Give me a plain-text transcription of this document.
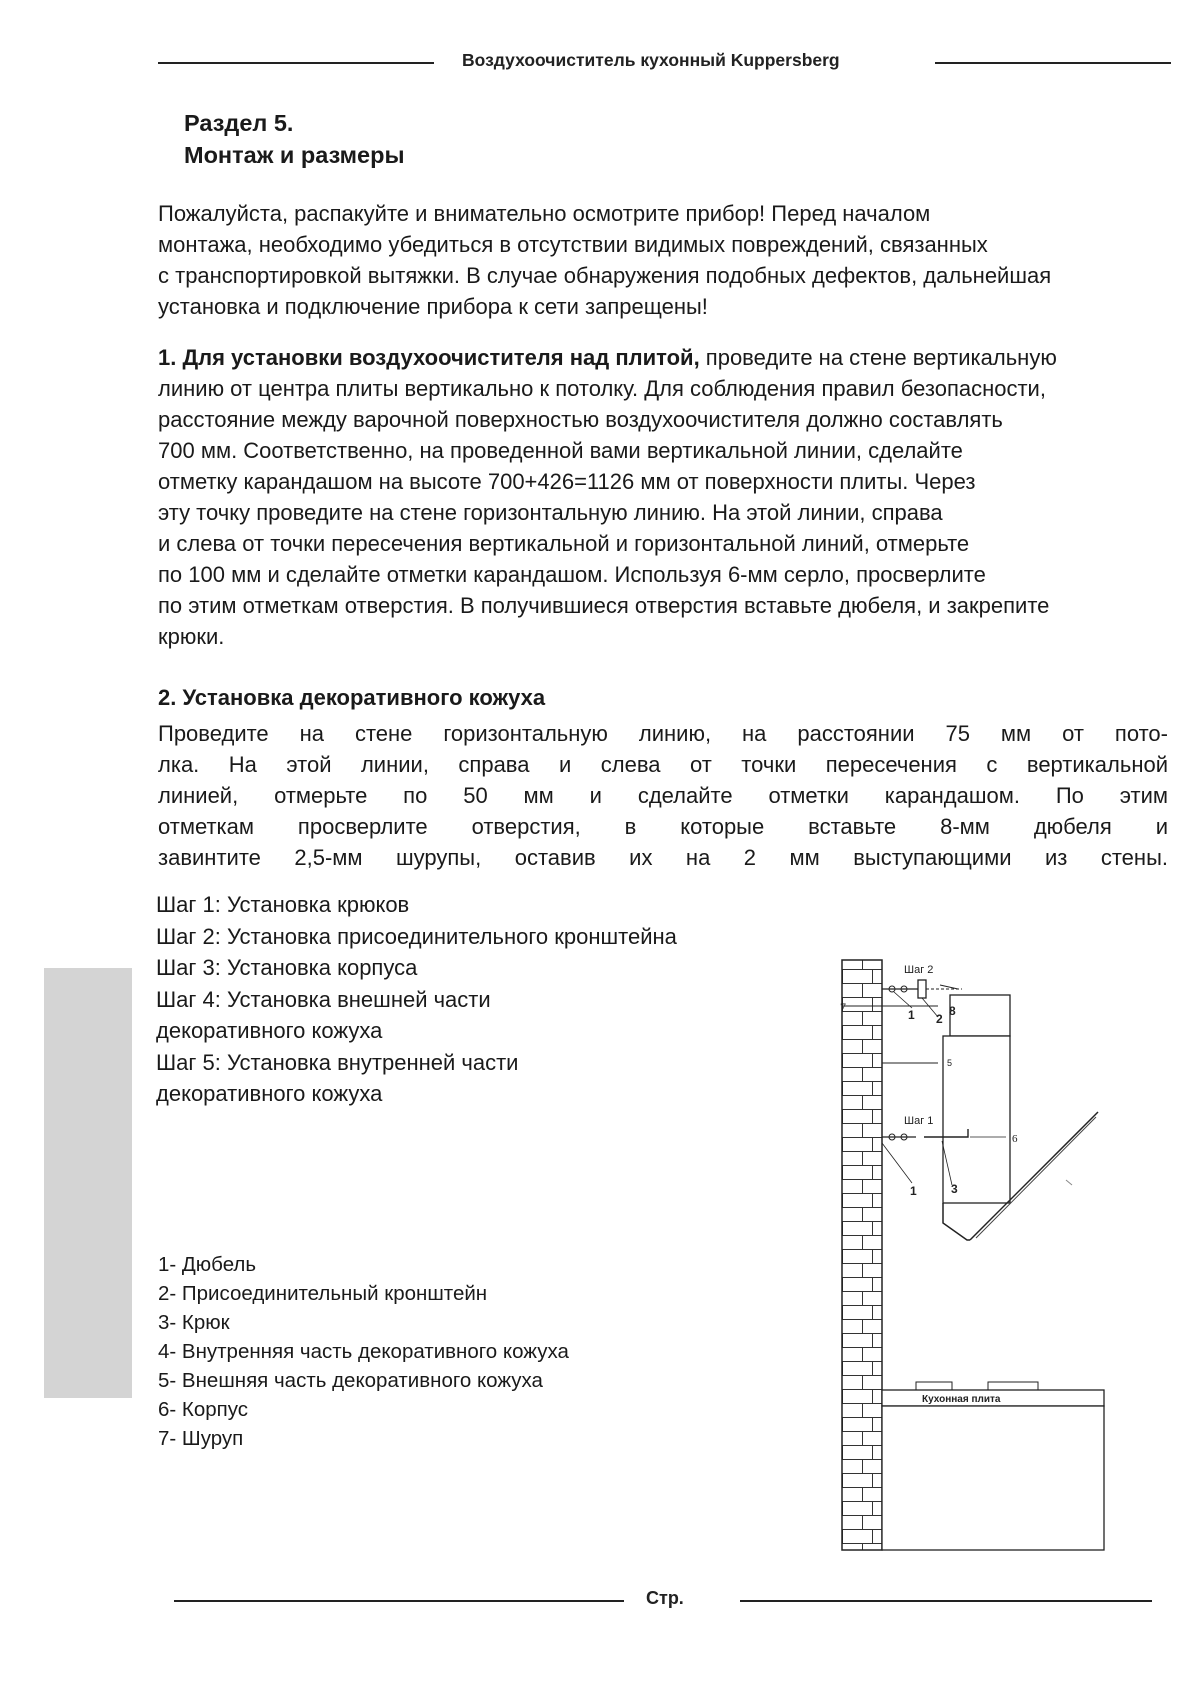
Воздухоочиститель кухонный Kuppersberg
Раздел 5.
Монтаж и размеры

Пожалуйста, распакуйте и внимательно осмотрите прибор! Перед началом
монтажа, необходимо убедиться в отсутствии видимых повреждений, связанных
с транспортировкой вытяжки. В случае обнаружения подобных дефектов, дальнейшая
установка и подключение прибора к сети запрещены!

1. Для установки воздухоочистителя над плитой, проведите на стене вертикальную
линию от центра плиты вертикально к потолку. Для соблюдения правил безопасности,
расстояние между варочной поверхностью воздухоочистителя должно составлять
700 мм. Соответственно, на проведенной вами вертикальной линии, сделайте
отметку карандашом на высоте 700+426=1126 мм от поверхности плиты. Через
эту точку проведите на стене горизонтальную линию. На этой линии, справа
и слева от точки пересечения вертикальной и горизонтальной линий, отмерьте
по 100 мм и сделайте отметки карандашом. Используя 6-мм серло, просверлите
по этим отметкам отверстия. В получившиеся отверстия вставьте дюбеля, и закрепите
крюки.

2. Установка декоративного кожуха

Проведите на стене горизонтальную линию, на расстоянии 75 мм от пото-
лка. На этой линии, справа и слева от точки пересечения с вертикальной
линией, отмерьте по 50 мм и сделайте отметки карандашом. По этим
отметкам просверлите отверстия, в которые вставьте 8-мм дюбеля и
завинтите 2,5-мм шурупы, оставив их на 2 мм выступающими из стены.

Шаг 1: Установка крюков
Шаг 2: Установка присоединительного кронштейна
Шаг 3: Установка корпуса
Шаг 4: Установка внешней части
декоративного кожуха
Шаг 5: Установка внутренней части
декоративного кожуха
1- Дюбель
2- Присоединительный кронштейн
3- Крюк
4- Внутренняя часть декоративного кожуха
5- Внешняя часть декоративного кожуха
6- Корпус
7- Шуруп
Шаг 2
Шаг 1
7
1 2
8
5
6
1	3
Кухонная плита
Стр.
